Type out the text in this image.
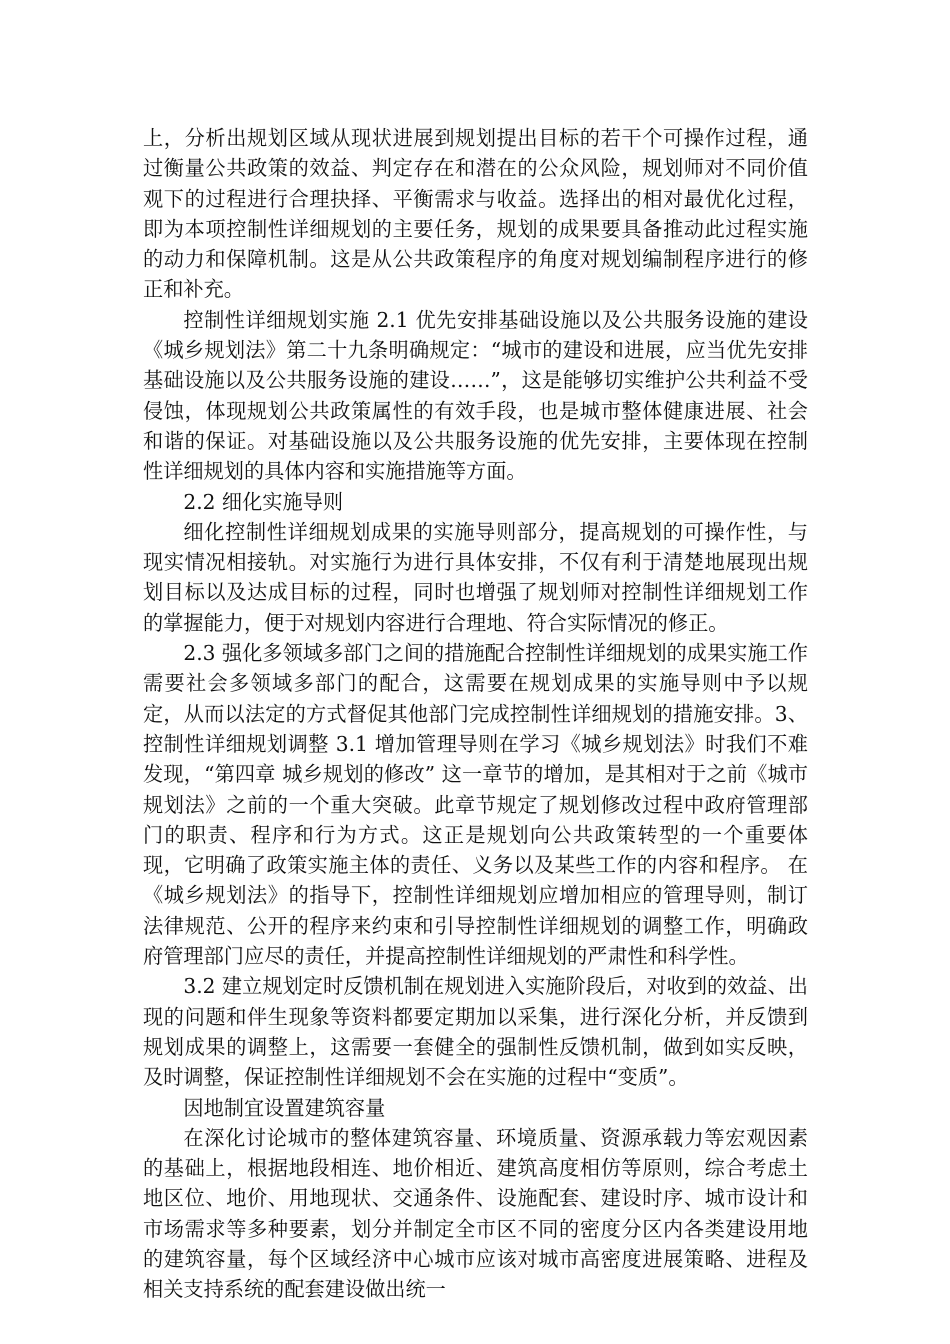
上，分析出规划区域从现状进展到规划提出目标的若干个可操作过程，通过衡量公共政策的效益、判定存在和潜在的公众风险，规划师对不同价值观下的过程进行合理抉择、平衡需求与收益。选择出的相对最优化过程，即为本项控制性详细规划的主要任务，规划的成果要具备推动此过程实施的动力和保障机制。这是从公共政策程序的角度对规划编制程序进行的修正和补充。

控制性详细规划实施 2.1 优先安排基础设施以及公共服务设施的建设《城乡规划法》第二十九条明确规定：“城市的建设和进展，应当优先安排基础设施以及公共服务设施的建设……”，这是能够切实维护公共利益不受侵蚀，体现规划公共政策属性的有效手段，也是城市整体健康进展、社会和谐的保证。对基础设施以及公共服务设施的优先安排，主要体现在控制性详细规划的具体内容和实施措施等方面。

2.2 细化实施导则

细化控制性详细规划成果的实施导则部分，提高规划的可操作性，与现实情况相接轨。对实施行为进行具体安排，不仅有利于清楚地展现出规划目标以及达成目标的过程，同时也增强了规划师对控制性详细规划工作的掌握能力，便于对规划内容进行合理地、符合实际情况的修正。

2.3 强化多领域多部门之间的措施配合控制性详细规划的成果实施工作需要社会多领域多部门的配合，这需要在规划成果的实施导则中予以规定，从而以法定的方式督促其他部门完成控制性详细规划的措施安排。3、控制性详细规划调整 3.1 增加管理导则在学习《城乡规划法》时我们不难发现，“第四章 城乡规划的修改” 这一章节的增加，是其相对于之前《城市规划法》之前的一个重大突破。此章节规定了规划修改过程中政府管理部门的职责、程序和行为方式。这正是规划向公共政策转型的一个重要体现，它明确了政策实施主体的责任、义务以及某些工作的内容和程序。 在《城乡规划法》的指导下，控制性详细规划应增加相应的管理导则，制订法律规范、公开的程序来约束和引导控制性详细规划的调整工作，明确政府管理部门应尽的责任，并提高控制性详细规划的严肃性和科学性。

3.2 建立规划定时反馈机制在规划进入实施阶段后，对收到的效益、出现的问题和伴生现象等资料都要定期加以采集，进行深化分析，并反馈到规划成果的调整上，这需要一套健全的强制性反馈机制，做到如实反映，及时调整，保证控制性详细规划不会在实施的过程中“变质”。

因地制宜设置建筑容量

在深化讨论城市的整体建筑容量、环境质量、资源承载力等宏观因素的基础上，根据地段相连、地价相近、建筑高度相仿等原则，综合考虑土地区位、地价、用地现状、交通条件、设施配套、建设时序、城市设计和市场需求等多种要素，划分并制定全市区不同的密度分区内各类建设用地的建筑容量，每个区域经济中心城市应该对城市高密度进展策略、进程及相关支持系统的配套建设做出统一
